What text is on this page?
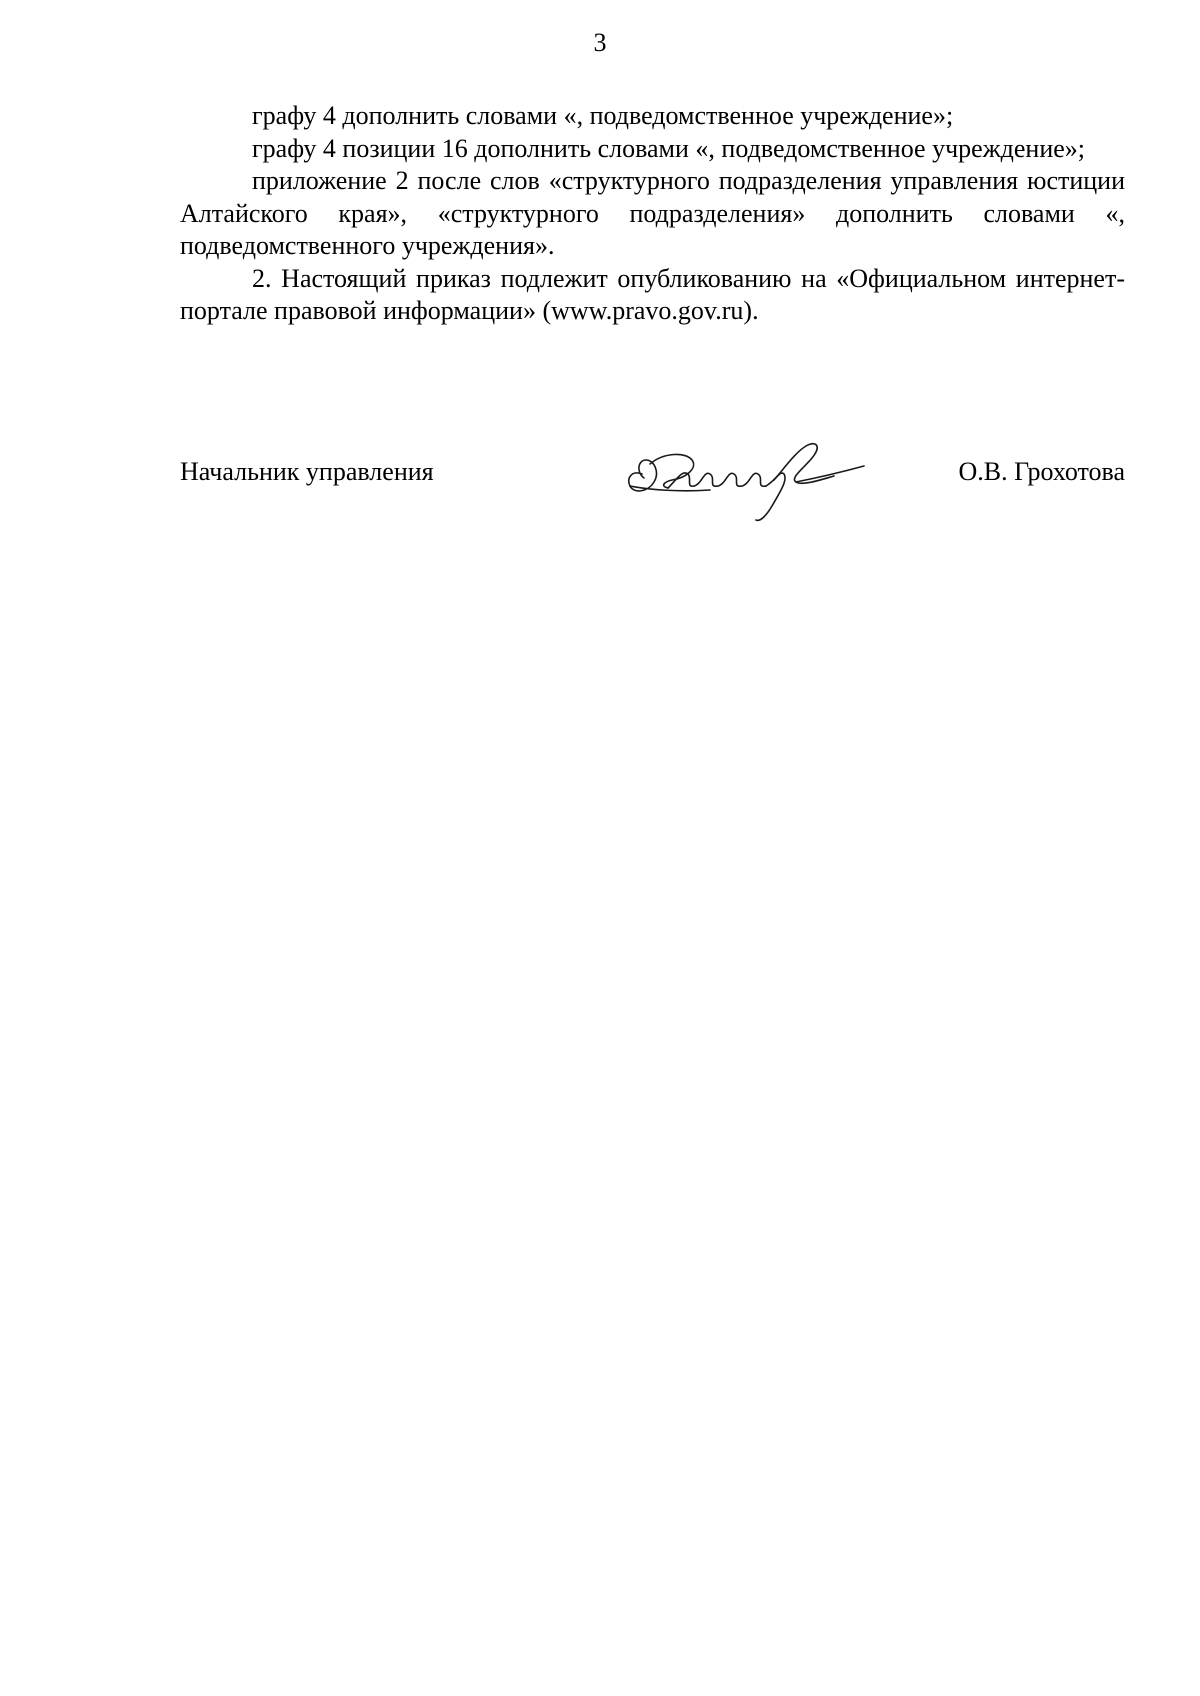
3

графу 4 дополнить словами «, подведомственное учреждение»;

графу 4 позиции 16 дополнить словами «, подведомственное учреждение»;

приложение 2 после слов «структурного подразделения управления юстиции Алтайского края», «структурного подразделения» дополнить словами «, подведомственного учреждения».

2. Настоящий приказ подлежит опубликованию на «Официальном интернет-портале правовой информации» (www.pravo.gov.ru).

Начальник управления	О.В. Грохотова
